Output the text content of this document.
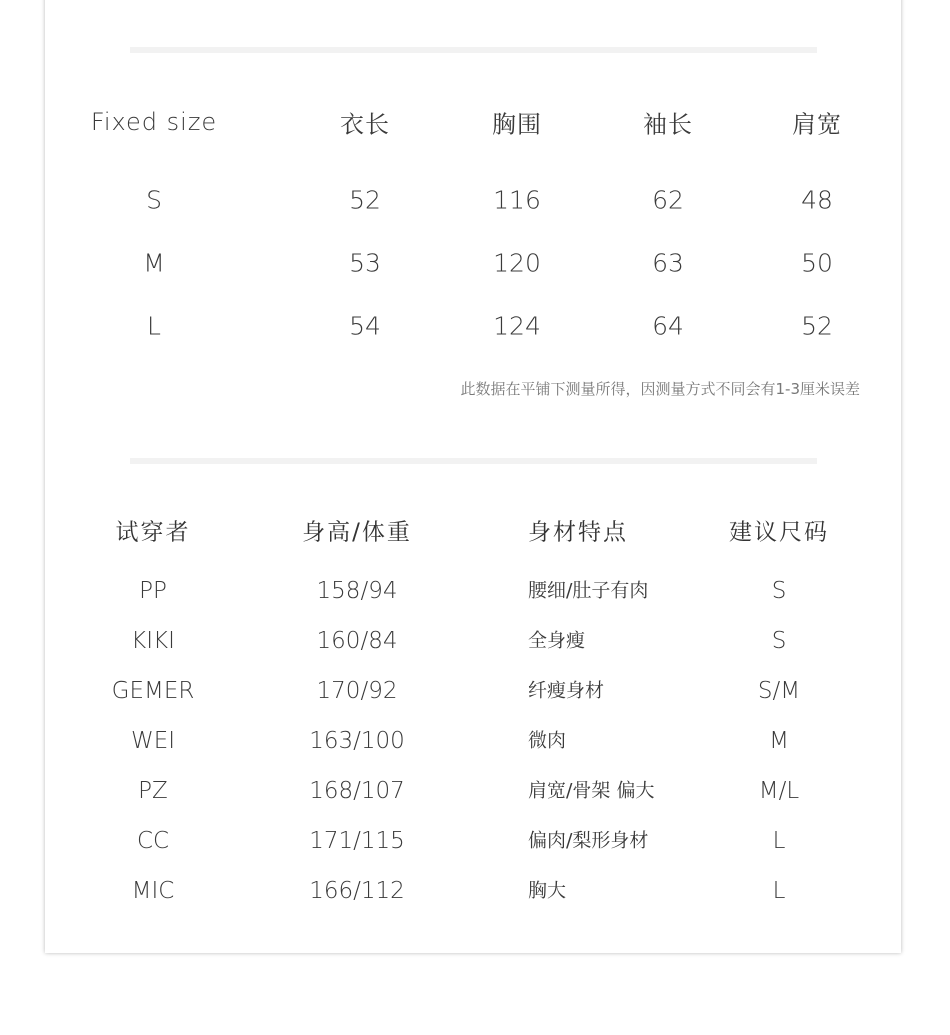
Fixed size	衣长	胸围	袖长	肩宽
S	52	116	62	48
M	53	120	63	50
L	54	124	64	52
此数据在平铺下测量所得，因测量方式不同会有1-3厘米误差
试穿者	身高/体重	身材特点	建议尺码
PP	158/94	腰细/肚子有肉	S
KIKI	160/84	全身瘦	S
GEMER	170/92	纤瘦身材	S/M
WEI	163/100	微肉	M
PZ	168/107	肩宽/骨架 偏大	M/L
CC	171/115	偏肉/梨形身材	L
MIC	166/112	胸大	L
